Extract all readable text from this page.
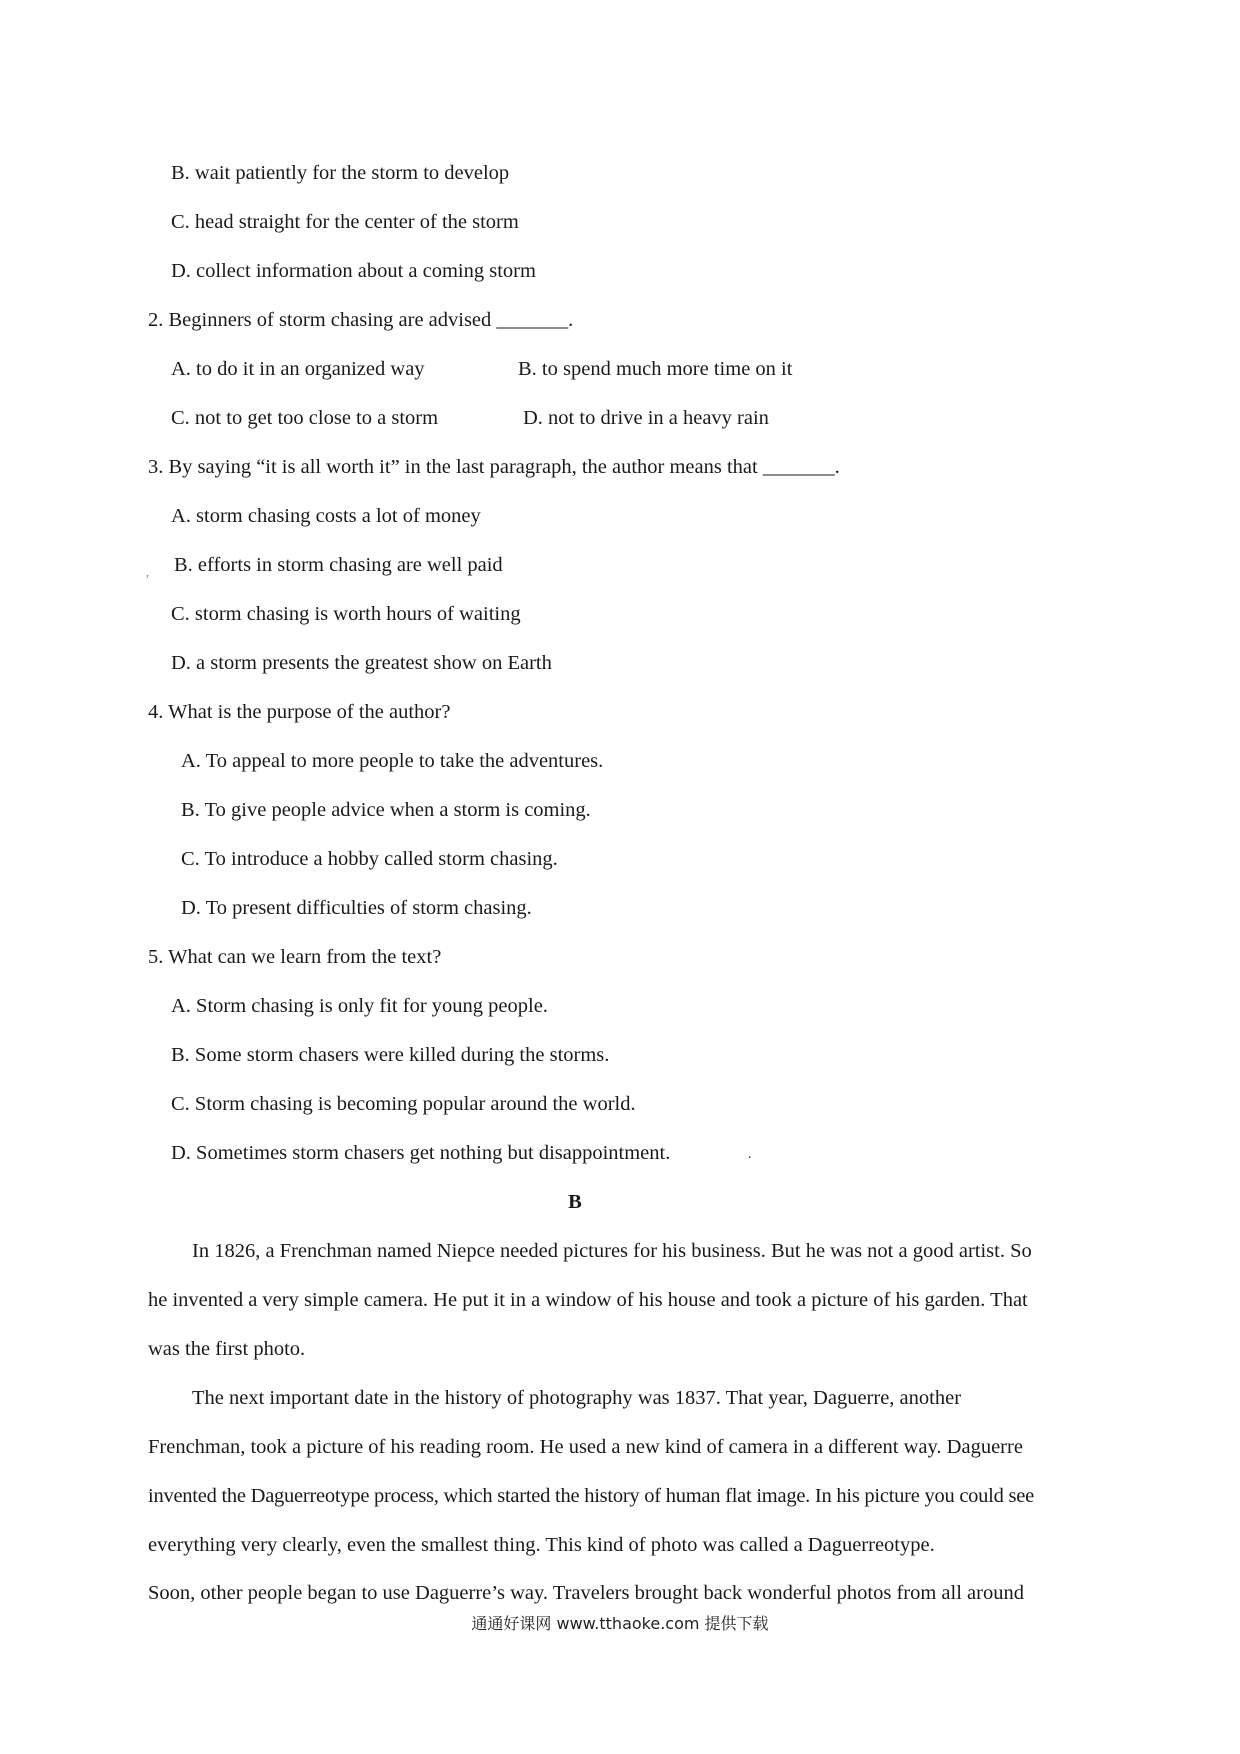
B. wait patiently for the storm to develop
C. head straight for the center of the storm
D. collect information about a coming storm
2. Beginners of storm chasing are advised _______.
A. to do it in an organized way	B. to spend much more time on it
C. not to get too close to a storm	D. not to drive in a heavy rain
3. By saying “it is all worth it” in the last paragraph, the author means that _______.
A. storm chasing costs a lot of money
, B. efforts in storm chasing are well paid
C. storm chasing is worth hours of waiting
D. a storm presents the greatest show on Earth
4. What is the purpose of the author?
A. To appeal to more people to take the adventures.
B. To give people advice when a storm is coming.
C. To introduce a hobby called storm chasing.
D. To present difficulties of storm chasing.
5. What can we learn from the text?
A. Storm chasing is only fit for young people.
B. Some storm chasers were killed during the storms.
C. Storm chasing is becoming popular around the world.
D. Sometimes storm chasers get nothing but disappointment.	.
B
In 1826, a Frenchman named Niepce needed pictures for his business. But he was not a good artist. So
he invented a very simple camera. He put it in a window of his house and took a picture of his garden. That
was the first photo.
The next important date in the history of photography was 1837. That year, Daguerre, another
Frenchman, took a picture of his reading room. He used a new kind of camera in a different way. Daguerre
invented the Daguerreotype process, which started the history of human flat image. In his picture you could see
everything very clearly, even the smallest thing. This kind of photo was called a Daguerreotype.
Soon, other people began to use Daguerre’s way. Travelers brought back wonderful photos from all around
通通好课网 www.tthaoke.com 提供下载
